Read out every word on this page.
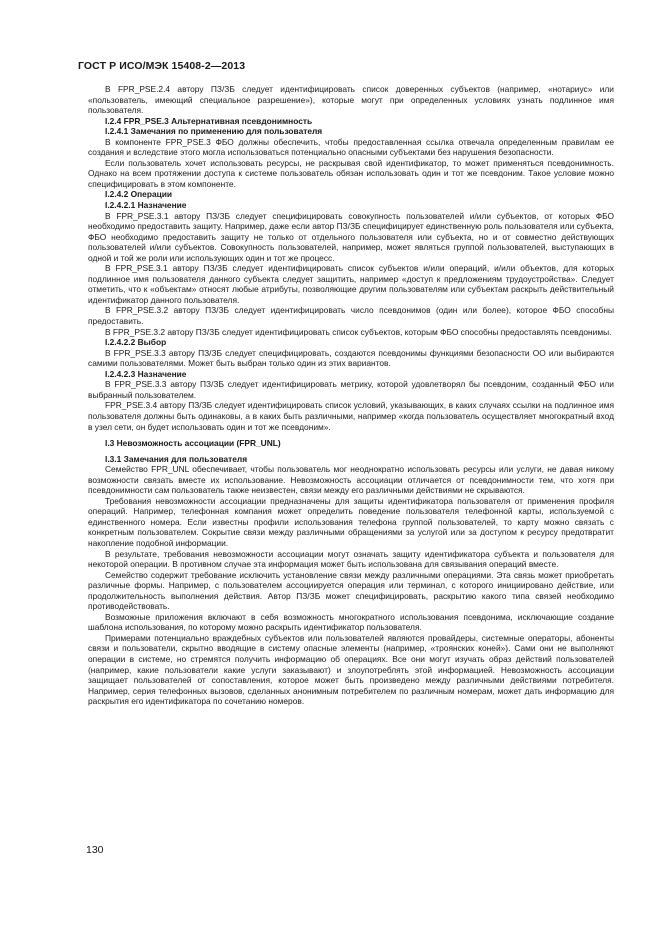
ГОСТ Р ИСО/МЭК 15408-2—2013

В FPR_PSE.2.4 автору ПЗ/ЗБ следует идентифицировать список доверенных субъектов (например, «нотариус» или «пользователь, имеющий специальное разрешение»), которые могут при определенных условиях узнать подлинное имя пользователя.

I.2.4 FPR_PSE.3 Альтернативная псевдонимность

I.2.4.1 Замечания по применению для пользователя

В компоненте FPR_PSE.3 ФБО должны обеспечить, чтобы предоставленная ссылка отвечала определенным правилам ее создания и вследствие этого могла использоваться потенциально опасными субъектами без нарушения безопасности.

Если пользователь хочет использовать ресурсы, не раскрывая свой идентификатор, то может применяться псевдонимность. Однако на всем протяжении доступа к системе пользователь обязан использовать один и тот же псевдоним. Такое условие можно специфицировать в этом компоненте.

I.2.4.2 Операции

I.2.4.2.1 Назначение

В FPR_PSE.3.1 автору ПЗ/ЗБ следует специфицировать совокупность пользователей и/или субъектов, от которых ФБО необходимо предоставить защиту. Например, даже если автор ПЗ/ЗБ специфицирует единственную роль пользователя или субъекта, ФБО необходимо предоставить защиту не только от отдельного пользователя или субъекта, но и от совместно действующих пользователей и/или субъектов. Совокупность пользователей, например, может являться группой пользователей, выступающих в одной и той же роли или использующих один и тот же процесс.

В FPR_PSE.3.1 автору ПЗ/ЗБ следует идентифицировать список субъектов и/или операций, и/или объектов, для которых подлинное имя пользователя данного субъекта следует защитить, например «доступ к предложениям трудоустройства». Следует отметить, что к «объектам» относят любые атрибуты, позволяющие другим пользователям или субъектам раскрыть действительный идентификатор данного пользователя.

В FPR_PSE.3.2 автору ПЗ/ЗБ следует идентифицировать число псевдонимов (один или более), которое ФБО способны предоставить.

В FPR_PSE.3.2 автору ПЗ/ЗБ следует идентифицировать список субъектов, которым ФБО способны предоставлять псевдонимы.

I.2.4.2.2 Выбор

В FPR_PSE.3.3 автору ПЗ/ЗБ следует специфицировать, создаются псевдонимы функциями безопасности ОО или выбираются самими пользователями. Может быть выбран только один из этих вариантов.

I.2.4.2.3 Назначение

В FPR_PSE.3.3 автору ПЗ/ЗБ следует идентифицировать метрику, которой удовлетворял бы псевдоним, созданный ФБО или выбранный пользователем.

FPR_PSE.3.4 автору ПЗ/ЗБ следует идентифицировать список условий, указывающих, в каких случаях ссылки на подлинное имя пользователя должны быть одинаковы, а в каких быть различными, например «когда пользователь осуществляет многократный вход в узел сети, он будет использовать один и тот же псевдоним».

I.3 Невозможность ассоциации (FPR_UNL)

I.3.1 Замечания для пользователя

Семейство FPR_UNL обеспечивает, чтобы пользователь мог неоднократно использовать ресурсы или услуги, не давая никому возможности связать вместе их использование. Невозможность ассоциации отличается от псевдонимности тем, что хотя при псевдонимности сам пользователь также неизвестен, связи между его различными действиями не скрываются.

Требования невозможности ассоциации предназначены для защиты идентификатора пользователя от применения профиля операций. Например, телефонная компания может определить поведение пользователя телефонной карты, используемой с единственного номера. Если известны профили использования телефона группой пользователей, то карту можно связать с конкретным пользователем. Сокрытие связи между различными обращениями за услугой или за доступом к ресурсу предотвратит накопление подобной информации.

В результате, требования невозможности ассоциации могут означать защиту идентификатора субъекта и пользователя для некоторой операции. В противном случае эта информация может быть использована для связывания операций вместе.

Семейство содержит требование исключить установление связи между различными операциями. Эта связь может приобретать различные формы. Например, с пользователем ассоциируется операция или терминал, с которого инициировано действие, или продолжительность выполнения действия. Автор ПЗ/ЗБ может специфицировать, раскрытию какого типа связей необходимо противодействовать.

Возможные приложения включают в себя возможность многократного использования псевдонима, исключающие создание шаблона использования, по которому можно раскрыть идентификатор пользователя.

Примерами потенциально враждебных субъектов или пользователей являются провайдеры, системные операторы, абоненты связи и пользователи, скрытно вводящие в систему опасные элементы (например, «троянских коней»). Сами они не выполняют операции в системе, но стремятся получить информацию об операциях. Все они могут изучать образ действий пользователей (например, какие пользователи какие услуги заказывают) и злоупотреблять этой информацией. Невозможность ассоциации защищает пользователей от сопоставления, которое может быть произведено между различными действиями потребителя. Например, серия телефонных вызовов, сделанных анонимным потребителем по различным номерам, может дать информацию для раскрытия его идентификатора по сочетанию номеров.

130
